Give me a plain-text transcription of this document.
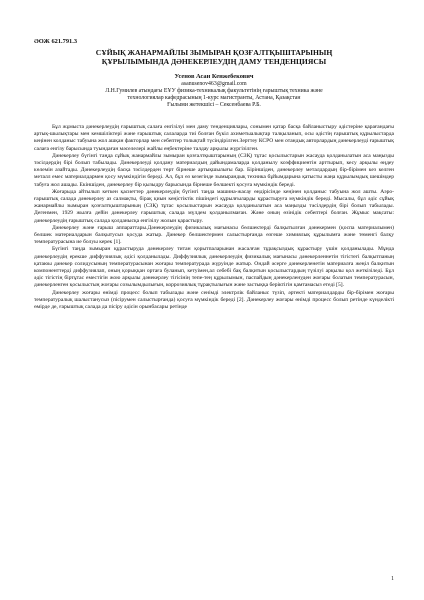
ӘОЖ 621.791.3

СҰЙЫҚ ЖАНАРМАЙЛЫ ЗЫМЫРАН ҚОЗҒАЛТҚЫШТАРЫНЫҢ
ҚҰРЫЛЫМЫНДА ДӘНЕКЕРЛЕУДІҢ ДАМУ ТЕНДЕНЦИЯСЫ

Усенов Асан Кенжебекович

asanusenov463@gmail.com

Л.Н.Гумилев атындағы ЕҰУ физика-техникалық факультетінің ғарыштық техника және
технологиялар кафедрасының 1-курс магистранты, Астана, Қазақстан

Ғылыми жетекшісі – Сексенбаева Р.Б.

Бұл жұмыста дәнекерлеудің ғарыштық салаға енгізілуі мен даму тенденциялары, сонымен қатар басқа байланыстыру әдістеріне қарағандағы артық-шылықтары мен кемшіліктері және ғарыштық салаларда тиі болған бүкіл ахиметыалықтар талқыланып, осы әдістің ғарыштық құрылыстарда кеңінен колданыс табуына жол ашқан факторлар мен себептер толықтай түсіндірілген.Зерттеу КСРО мен отандық авторлардың дәнекерлеуді ғарыштық салаға енгізу барысында туындаған мәселелері жайлы еңбектеріне талдау арқылы жүргізілген.

Дәнекерлеу бүгінгі таңда сұйық жанармайлы зымыран қозғалтқыштарының (СЗҚ) тұтас қосылыстарын жасауда қолданылатын аса маңызды тәсілдердің бірі болып табылады. Дәнекерлеуді қолдану материалдың дайындамаларда қолданылу коэффициентін арттырып, кесу арқылы өңдеу көлемін азайтады. Дәнекерлеудің басқа тәсілдерден төрт бірнеше артықшылығы бар. Біріншіден, дәнекерлеу металдардың бір-бірімен кез келген металл емес материалдармен қосу мүмкіндігін береді. Ал, бұл өз кезегінде зымырандық техника бұйымдарына қатысты жаңа құрылымдық шешімдер табуға жол ашады. Екіншіден, дәнекерлеу бір қызыдру барысында бірнеше бөлшекті қосуға мүмкіндік береді.

Жоғарыда айтылып кеткен қасиеттер дәнекерлеудің бүгінгі таңда машина-жасау өндірісінде кеңінен қолданыс табуына жол ашты. Аэро-ғарыштық салада дәнекерлеу аз салмақты, бірақ қиын кеңістіктік пішіндегі құрылғыларды құрастыруға мүмкіндік береді. Мысалы, бұл әдіс сұйық жанармайлы зымыран қозғалтқыштарының (СЗҚ) тұтас қосылыстарын жасауда қолданылатын аса маңызды тәсілдердің бірі болып табылады. Дегенмен, 1929 жылға дейін дәнекерлеу ғарыштық салада мүлдем қолданылмаған. Және оның өзінідік себептері болған. Жұмыс мақсаты: дәнекерлеудің ғарыштық салада қолданысқа енгізілу жолын қарастыру.

Дәнекерлеу және ғарыш аппараттары.Дәнекерлеудің физикалық мағынасы бөлшектерді балқытылған дәнекермен (қоспа материалымен) бөлшек материалдарын балқытуcыз қосуда жатыр. Дәнекер бөлшектермен салыстырғанда өзгеше химиялық құрылымға және төменгі балқу температурасына ие болуы керек [1].

Бүгінгі таңда зымыран құрастыруда дәнекерлеу титан қорытпаларынан жасалған тұрақсыздық құрастыру үшін қолданылады. Мұнда дәнекерлеудің ерекше диффузиялық әдісі қолданылады. Диффузиялық дәнекерлеудің физикалық мағынасы дәнекерленнетін тігістегі балқытпаның қатаюы дәнекер солидусының температурасынан жоғары температурада жүруінде жатыр. Ондай әсерге дәнекерленетін материалға жеңіл балқитын компоненттерді диффузиялап, оның қорыққан ортаға буланып, кетуімен,ал себебі бақ балқитын қосылыстардың түзілуі арқылы қол жеткізіледі. Бұл әдіс тігістің біртұтас еместігін жою арқылы дәнекерлеу тігісінің тепе-тең құрылымын, паспайдың дәнекерленуден жоғары болатын температурасын, дәнекерленген қосылыстың жоғары созылымдылығын, коррозиялық тұрақтылығын және застыққа беріктігін қамтамасыз етеді [5].

Дәнекерлеу жоғары өнімді процесс болып табылады және сенімді электрлік байланыс түзіп, әртекті материалдарды бір-бірімен жоғары температуралық шалыстанусыз (пісірумен салыстырғанда) қосуға мүмкіндік береді [2]. Дәнекерлеу жоғары өнімді процесс болып ретінде күнделікті өмірде де, ғарыштық салада да пісіру әдісін орынбасары ретінде

1
